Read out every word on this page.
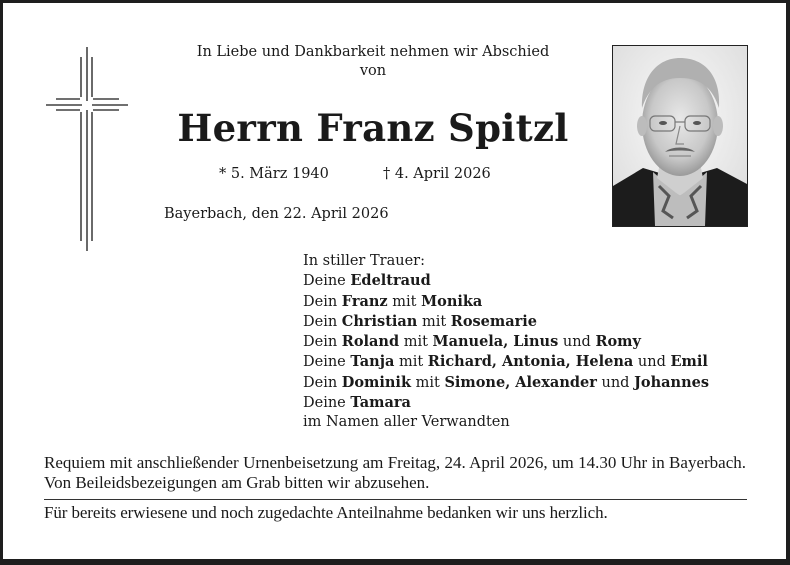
In Liebe und Dankbarkeit nehmen wir Abschied
von
Herrn Franz Spitzl
* 5. März 1940	† 4. April 2026
Bayerbach, den 22. April 2026
In stiller Trauer:
Deine Edeltraud
Dein Franz mit Monika
Dein Christian mit Rosemarie
Dein Roland mit Manuela, Linus und Romy
Deine Tanja mit Richard, Antonia, Helena und Emil
Dein Dominik mit Simone, Alexander und Johannes
Deine Tamara
im Namen aller Verwandten
Requiem mit anschließender Urnenbeisetzung am Freitag, 24. April 2026, um 14.30 Uhr in Bayerbach. Von Beileidsbezeigungen am Grab bitten wir abzusehen.
Für bereits erwiesene und noch zugedachte Anteilnahme bedanken wir uns herzlich.
